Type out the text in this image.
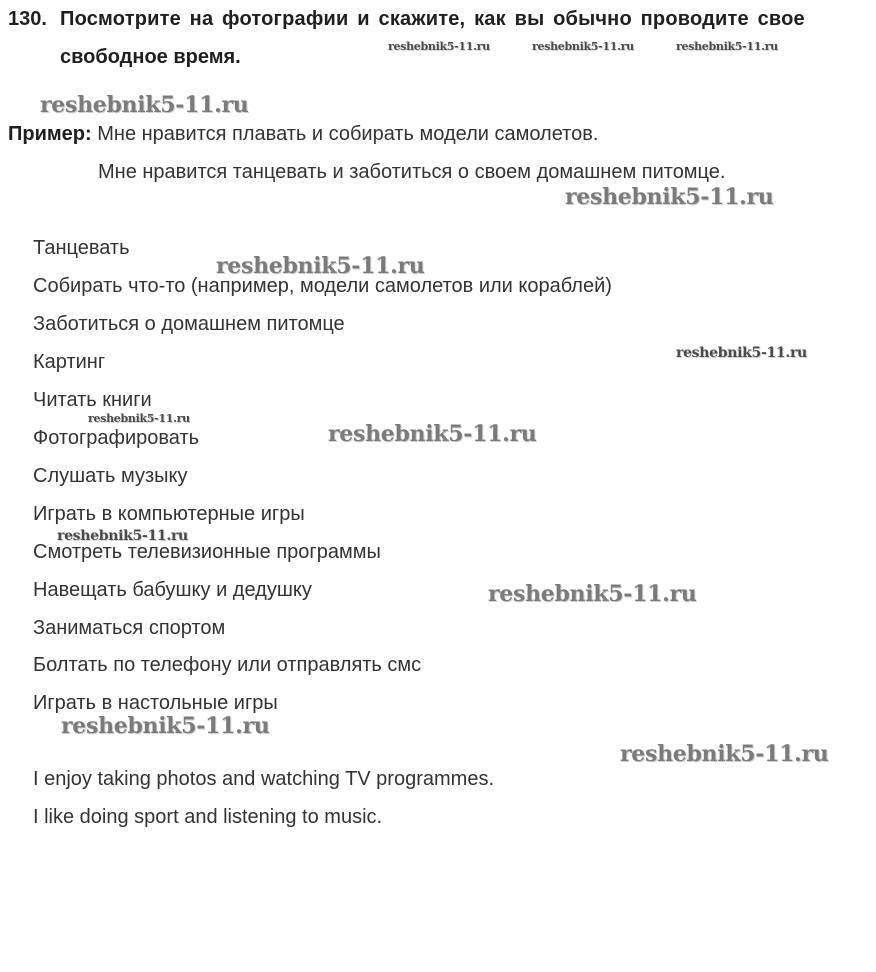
130. Посмотрите на фотографии и скажите, как вы обычно проводите свое
свободное время.
Пример: Мне нравится плавать и собирать модели самолетов.
Мне нравится танцевать и заботиться о своем домашнем питомце.
Танцевать
Собирать что-то (например, модели самолетов или кораблей)
Заботиться о домашнем питомце
Картинг
Читать книги
Фотографировать
Слушать музыку
Играть в компьютерные игры
Смотреть телевизионные программы
Навещать бабушку и дедушку
Заниматься спортом
Болтать по телефону или отправлять смс
Играть в настольные игры
I enjoy taking photos and watching TV programmes.
I like doing sport and listening to music.
reshebnik5-11.ru	reshebnik5-11.ru	reshebnik5-11.ru
reshebnik5-11.ru
reshebnik5-11.ru
reshebnik5-11.ru
reshebnik5-11.ru
reshebnik5-11.ru
reshebnik5-11.ru
reshebnik5-11.ru
reshebnik5-11.ru
reshebnik5-11.ru
reshebnik5-11.ru
